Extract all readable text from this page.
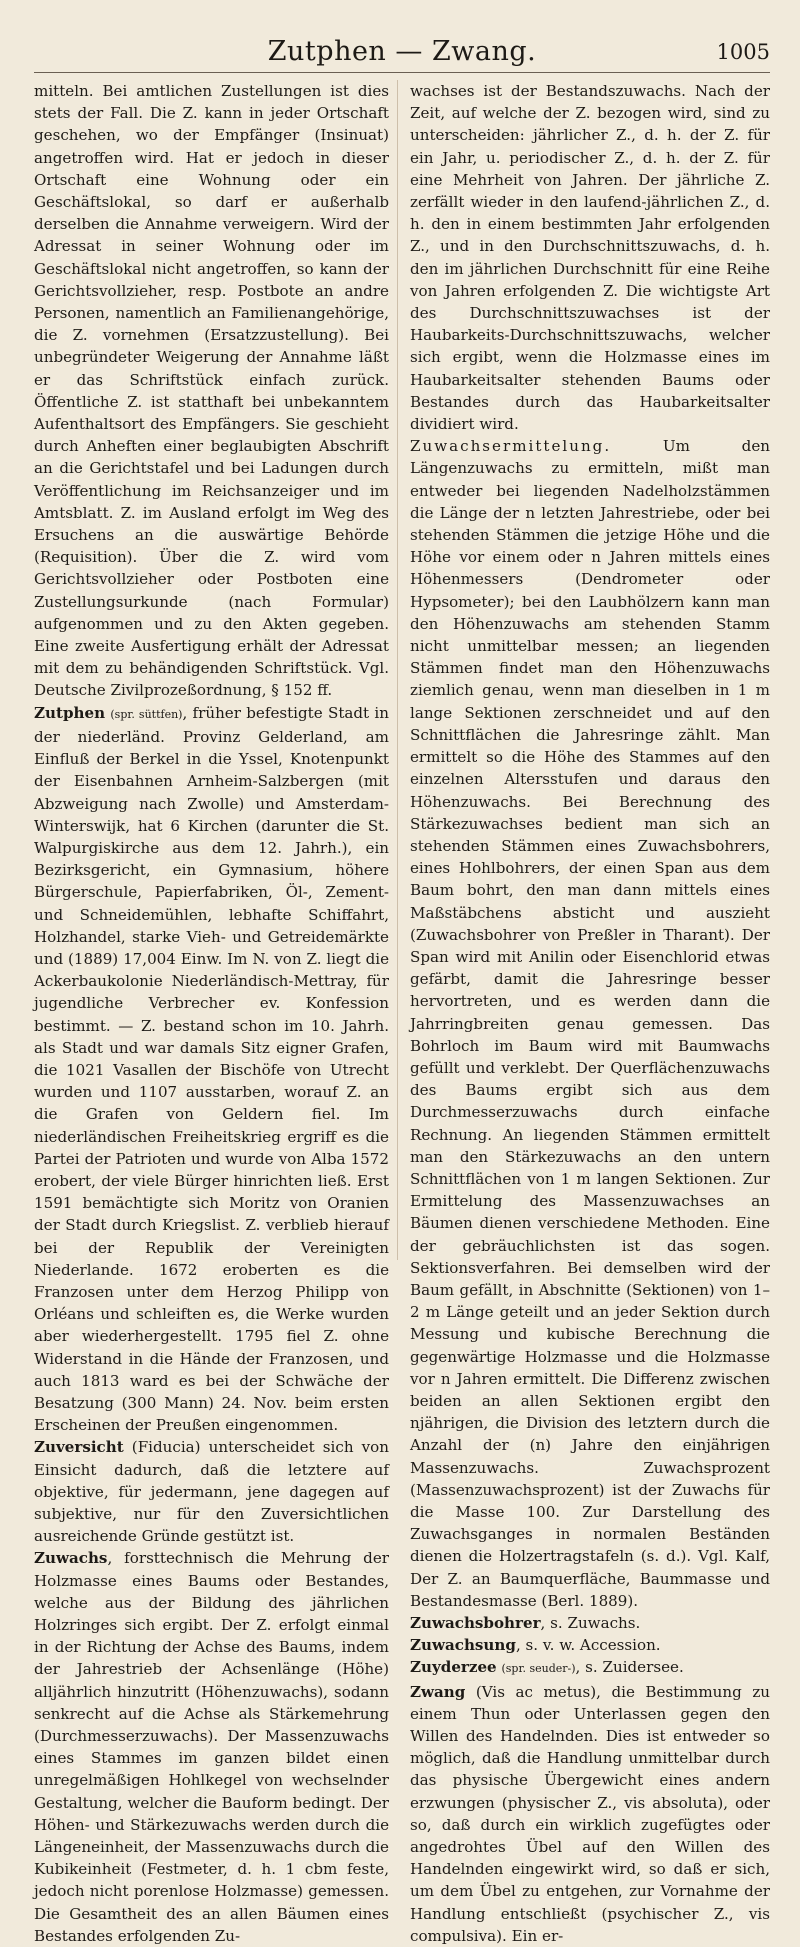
Zutphen — Zwang.	1005

mitteln. Bei amtlichen Zustellungen ist dies stets der Fall. Die Z. kann in jeder Ortschaft geschehen, wo der Empfänger (Insinuat) angetroffen wird. Hat er jedoch in dieser Ortschaft eine Wohnung oder ein Geschäftslokal, so darf er außerhalb derselben die Annahme verweigern. Wird der Adressat in seiner Wohnung oder im Geschäftslokal nicht angetroffen, so kann der Gerichtsvollzieher, resp. Postbote an andre Personen, namentlich an Familienangehörige, die Z. vornehmen (Ersatzzustellung). Bei unbegründeter Weigerung der Annahme läßt er das Schriftstück einfach zurück. Öffentliche Z. ist statthaft bei unbekanntem Aufenthaltsort des Empfängers. Sie geschieht durch Anheften einer beglaubigten Abschrift an die Gerichtstafel und bei Ladungen durch Veröffentlichung im Reichsanzeiger und im Amtsblatt. Z. im Ausland erfolgt im Weg des Ersuchens an die auswärtige Behörde (Requisition). Über die Z. wird vom Gerichtsvollzieher oder Postboten eine Zustellungsurkunde (nach Formular) aufgenommen und zu den Akten gegeben. Eine zweite Ausfertigung erhält der Adressat mit dem zu behändigenden Schriftstück. Vgl. Deutsche Zivilprozeßordnung, § 152 ff.

Zutphen (spr. süttfen), früher befestigte Stadt in der niederländ. Provinz Gelderland, am Einfluß der Berkel in die Yssel, Knotenpunkt der Eisenbahnen Arnheim-Salzbergen (mit Abzweigung nach Zwolle) und Amsterdam-Winterswijk, hat 6 Kirchen (darunter die St. Walpurgiskirche aus dem 12. Jahrh.), ein Bezirksgericht, ein Gymnasium, höhere Bürgerschule, Papierfabriken, Öl-, Zement- und Schneidemühlen, lebhafte Schiffahrt, Holzhandel, starke Vieh- und Getreidemärkte und (1889) 17,004 Einw. Im N. von Z. liegt die Ackerbaukolonie Niederländisch-Mettray, für jugendliche Verbrecher ev. Konfession bestimmt. — Z. bestand schon im 10. Jahrh. als Stadt und war damals Sitz eigner Grafen, die 1021 Vasallen der Bischöfe von Utrecht wurden und 1107 ausstarben, worauf Z. an die Grafen von Geldern fiel. Im niederländischen Freiheitskrieg ergriff es die Partei der Patrioten und wurde von Alba 1572 erobert, der viele Bürger hinrichten ließ. Erst 1591 bemächtigte sich Moritz von Oranien der Stadt durch Kriegslist. Z. verblieb hierauf bei der Republik der Vereinigten Niederlande. 1672 eroberten es die Franzosen unter dem Herzog Philipp von Orléans und schleiften es, die Werke wurden aber wiederhergestellt. 1795 fiel Z. ohne Widerstand in die Hände der Franzosen, und auch 1813 ward es bei der Schwäche der Besatzung (300 Mann) 24. Nov. beim ersten Erscheinen der Preußen eingenommen.

Zuversicht (Fiducia) unterscheidet sich von Einsicht dadurch, daß die letztere auf objektive, für jedermann, jene dagegen auf subjektive, nur für den Zuversichtlichen ausreichende Gründe gestützt ist.

Zuwachs, forsttechnisch die Mehrung der Holzmasse eines Baums oder Bestandes, welche aus der Bildung des jährlichen Holzringes sich ergibt. Der Z. erfolgt einmal in der Richtung der Achse des Baums, indem der Jahrestrieb der Achsenlänge (Höhe) alljährlich hinzutritt (Höhenzuwachs), sodann senkrecht auf die Achse als Stärkemehrung (Durchmesserzuwachs). Der Massenzuwachs eines Stammes im ganzen bildet einen unregelmäßigen Hohlkegel von wechselnder Gestaltung, welcher die Bauform bedingt. Der Höhen- und Stärkezuwachs werden durch die Längeneinheit, der Massenzuwachs durch die Kubikeinheit (Festmeter, d. h. 1 cbm feste, jedoch nicht porenlose Holzmasse) gemessen. Die Gesamtheit des an allen Bäumen eines Bestandes erfolgenden Zu-

wachses ist der Bestandszuwachs. Nach der Zeit, auf welche der Z. bezogen wird, sind zu unterscheiden: jährlicher Z., d. h. der Z. für ein Jahr, u. periodischer Z., d. h. der Z. für eine Mehrheit von Jahren. Der jährliche Z. zerfällt wieder in den laufend-jährlichen Z., d. h. den in einem bestimmten Jahr erfolgenden Z., und in den Durchschnittszuwachs, d. h. den im jährlichen Durchschnitt für eine Reihe von Jahren erfolgenden Z. Die wichtigste Art des Durchschnittszuwachses ist der Haubarkeits-Durchschnittszuwachs, welcher sich ergibt, wenn die Holzmasse eines im Haubarkeitsalter stehenden Baums oder Bestandes durch das Haubarkeitsalter dividiert wird.

Zuwachsermittelung. Um den Längenzuwachs zu ermitteln, mißt man entweder bei liegenden Nadelholzstämmen die Länge der n letzten Jahrestriebe, oder bei stehenden Stämmen die jetzige Höhe und die Höhe vor einem oder n Jahren mittels eines Höhenmessers (Dendrometer oder Hypsometer); bei den Laubhölzern kann man den Höhenzuwachs am stehenden Stamm nicht unmittelbar messen; an liegenden Stämmen findet man den Höhenzuwachs ziemlich genau, wenn man dieselben in 1 m lange Sektionen zerschneidet und auf den Schnittflächen die Jahresringe zählt. Man ermittelt so die Höhe des Stammes auf den einzelnen Altersstufen und daraus den Höhenzuwachs. Bei Berechnung des Stärkezuwachses bedient man sich an stehenden Stämmen eines Zuwachsbohrers, eines Hohlbohrers, der einen Span aus dem Baum bohrt, den man dann mittels eines Maßstäbchens absticht und auszieht (Zuwachsbohrer von Preßler in Tharant). Der Span wird mit Anilin oder Eisenchlorid etwas gefärbt, damit die Jahresringe besser hervortreten, und es werden dann die Jahrringbreiten genau gemessen. Das Bohrloch im Baum wird mit Baumwachs gefüllt und verklebt. Der Querflächenzuwachs des Baums ergibt sich aus dem Durchmesserzuwachs durch einfache Rechnung. An liegenden Stämmen ermittelt man den Stärkezuwachs an den untern Schnittflächen von 1 m langen Sektionen. Zur Ermittelung des Massenzuwachses an Bäumen dienen verschiedene Methoden. Eine der gebräuchlichsten ist das sogen. Sektionsverfahren. Bei demselben wird der Baum gefällt, in Abschnitte (Sektionen) von 1–2 m Länge geteilt und an jeder Sektion durch Messung und kubische Berechnung die gegenwärtige Holzmasse und die Holzmasse vor n Jahren ermittelt. Die Differenz zwischen beiden an allen Sektionen ergibt den njährigen, die Division des letztern durch die Anzahl der (n) Jahre den einjährigen Massenzuwachs. Zuwachsprozent (Massenzuwachsprozent) ist der Zuwachs für die Masse 100. Zur Darstellung des Zuwachsganges in normalen Beständen dienen die Holzertragstafeln (s. d.). Vgl. Kalf, Der Z. an Baumquerfläche, Baummasse und Bestandesmasse (Berl. 1889).

Zuwachsbohrer, s. Zuwachs.

Zuwachsung, s. v. w. Accession.

Zuyderzee (spr. seuder-), s. Zuidersee.

Zwang (Vis ac metus), die Bestimmung zu einem Thun oder Unterlassen gegen den Willen des Handelnden. Dies ist entweder so möglich, daß die Handlung unmittelbar durch das physische Übergewicht eines andern erzwungen (physischer Z., vis absoluta), oder so, daß durch ein wirklich zugefügtes oder angedrohtes Übel auf den Willen des Handelnden eingewirkt wird, so daß er sich, um dem Übel zu entgehen, zur Vornahme der Handlung entschließt (psychischer Z., vis compulsiva). Ein er-
